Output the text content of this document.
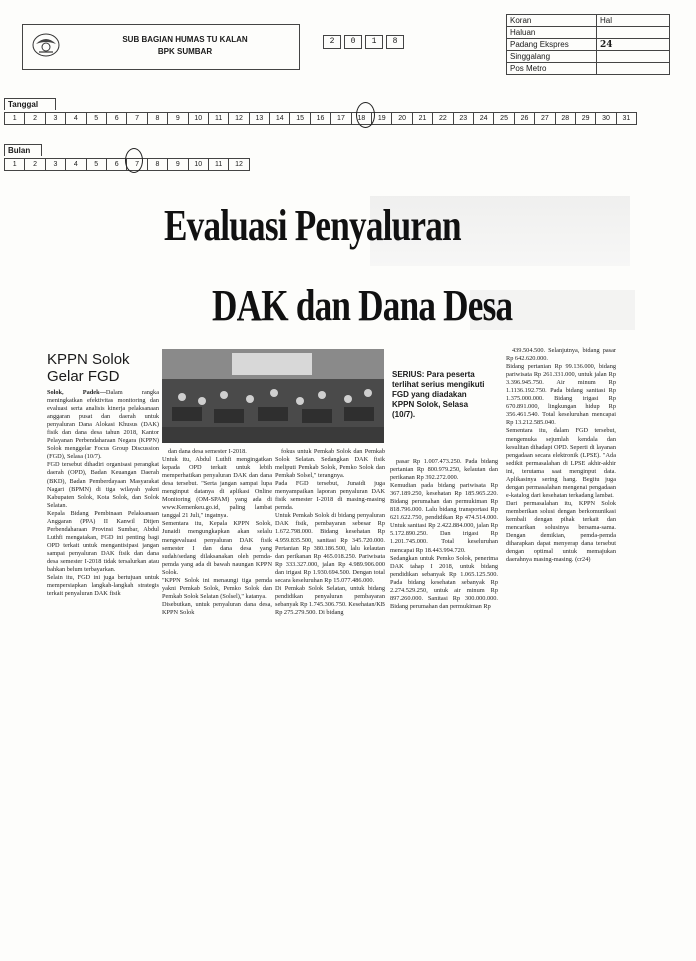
SUB BAGIAN HUMAS TU KALAN
BPK SUMBAR
2	0	1	8
Koran	Hal
Haluan
Padang Ekspres	24
Singgalang
Pos Metro
Tanggal
1	2	3	4	5	6	7	8	9	10	11	12	13	14	15	16	17	18	19	20	21	22	23	24	25	26	27	28	29	30	31
Bulan
1	2	3	4	5	6	7	8	9	10	11	12
Evaluasi Penyaluran
DAK dan Dana Desa
KPPN Solok Gelar FGD	SERIUS: Para peserta terlihat serius mengikuti FGD yang diadakan KPPN Solok, Selasa (10/7).

Solok, Padek—Dalam rangka meningkatkan efektivitas monitoring dan evaluasi serta analisis kinerja pelaksanaan anggaran pusat dan daerah untuk penyaluran Dana Alokasi Khusus (DAK) fisik dan dana desa tahun 2018, Kantor Pelayanan Perbendaharaan Negara (KPPN) Solok menggelar Focus Group Discussion (FGD), Selasa (10/7).
FGD tersebut dihadiri organisasi perangkat daerah (OPD), Badan Keuangan Daerah (BKD), Badan Pemberdayaan Masyarakat Nagari (BPMN) di tiga wilayah yakni Kabupaten Solok, Kota Solok, dan Solok Selatan.
Kepala Bidang Pembinaan Pelaksanaan Anggaran (PPA) II Kanwil Ditjen Perbendaharaan Provinsi Sumbar, Abdul Luthfi mengatakan, FGD ini penting bagi OPD terkait untuk mengantisipasi jangan sampai penyaluran DAK fisik dan dana desa semester I-2018 tidak tersalurkan atau bahkan belum terbayarkan.
Selain itu, FGD ini juga bertujuan untuk mempersiapkan langkah-langkah strategis terkait penyaluran DAK fisik

dan dana desa semester I-2018.
Untuk itu, Abdul Luthfi mengingatkan kepada OPD terkait untuk lebih memperhatikan penyaluran DAK dan dana desa tersebut. "Serta jangan sampai lupa menginput datanya di aplikasi Online Monitoring (OM-SPAM) yang ada di www.Kemenkeu.go.id, paling lambat tanggal 21 Juli," ingatnya.
Sementara itu, Kepala KPPN Solok, Junaidi mengungkapkan akan selalu mengevaluasi penyaluran DAK fisik semester I dan dana desa yang sudah/sedang dilaksanakan oleh pemda-pemda yang ada di bawah naungan KPPN Solok.
"KPPN Solok ini menaungi tiga pemda yakni Pemkab Solok, Pemko Solok dan Pemkab Solok Selatan (Solsel)," katanya.
Disebutkan, untuk penyaluran dana desa, KPPN Solok

fokus untuk Pemkab Solok dan Pemkab Solok Selatan. Sedangkan DAK fisik meliputi Pemkab Solok, Pemko Solok dan Pemkab Solsel," terangnya.
Pada FGD tersebut, Junaidi juga menyampaikan laporan penyaluran DAK fisik semester I-2018 di masing-masing pemda.
Untuk Pemkab Solok di bidang penyaluran DAK fisik, pembayaran sebesar Rp 1.672.798.000. Bidang kesehatan Rp 4.959.835.500, sanitasi Rp 345.720.000. Pertanian Rp 380.186.500, lalu kelautan dan perikanan Rp 465.018.250. Pariwisata Rp 333.327.000, jalan Rp 4.989.906.000 dan irigasi Rp 1.930.694.500. Dengan total secara keseluruhan Rp 15.077.486.000.
Di Pemkab Solok Selatan, untuk bidang pendidikan penyaluran pembayaran sebanyak Rp 1.745.306.750. Kesehatan/KB Rp 275.279.500. Di bidang

pasar Rp 1.007.473.250. Pada bidang pertanian Rp 800.979.250, kelautan dan perikanan Rp 392.272.000.
Kemudian pada bidang pariwisata Rp 367.189.250, kesehatan Rp 185.965.220. Bidang perumahan dan permukiman Rp 818.796.000. Lalu bidang transportasi Rp 621.622.750, pendidikan Rp 474.514.000. Untuk sanitasi Rp 2.422.884.000, jalan Rp 5.172.890.250. Dan irigasi Rp 1.201.745.000. Total keseluruhan mencapai Rp 18.443.994.720.
Sedangkan untuk Pemko Solok, penerima DAK tahap I 2018, untuk bidang pendidikan sebanyak Rp 1.065.125.500. Pada bidang kesehatan sebanyak Rp 2.274.529.250, untuk air minum Rp 897.260.000. Sanitasi Rp 300.000.000. Bidang perumahan dan permukiman Rp

439.504.500. Selanjutnya, bidang pasar Rp 642.620.000.
Bidang pertanian Rp 99.136.000, bidang pariwisata Rp 261.331.000, untuk jalan Rp 3.396.945.750. Air minum Rp 1.1136.192.750. Pada bidang sanitasi Rp 1.375.000.000. Bidang irigasi Rp 670.891.000, lingkungan hidup Rp 356.461.540. Total keseluruhan mencapai Rp 13.212.585.040.
Sementara itu, dalam FGD tersebut, mengemuka sejumlah kendala dan kesulitan dihadapi OPD. Seperti di layanan pengadaan secara elektronik (LPSE). "Ada sedikit permasalahan di LPSE akhir-akhir ini, terutama saat menginput data. Aplikasinya sering hang. Begitu juga dengan permasalahan mengenai pengadaan e-katalog dari kesehatan terkadang lambat.
Dari permasalahan itu, KPPN Solok memberikan solusi dengan berkomunikasi kembali dengan pihak terkait dan mencarikan solusinya bersama-sama. Dengan demikian, pemda-pemda diharapkan dapat menyerap dana tersebut dengan optimal untuk memajukan daerahnya masing-masing. (cr24)
